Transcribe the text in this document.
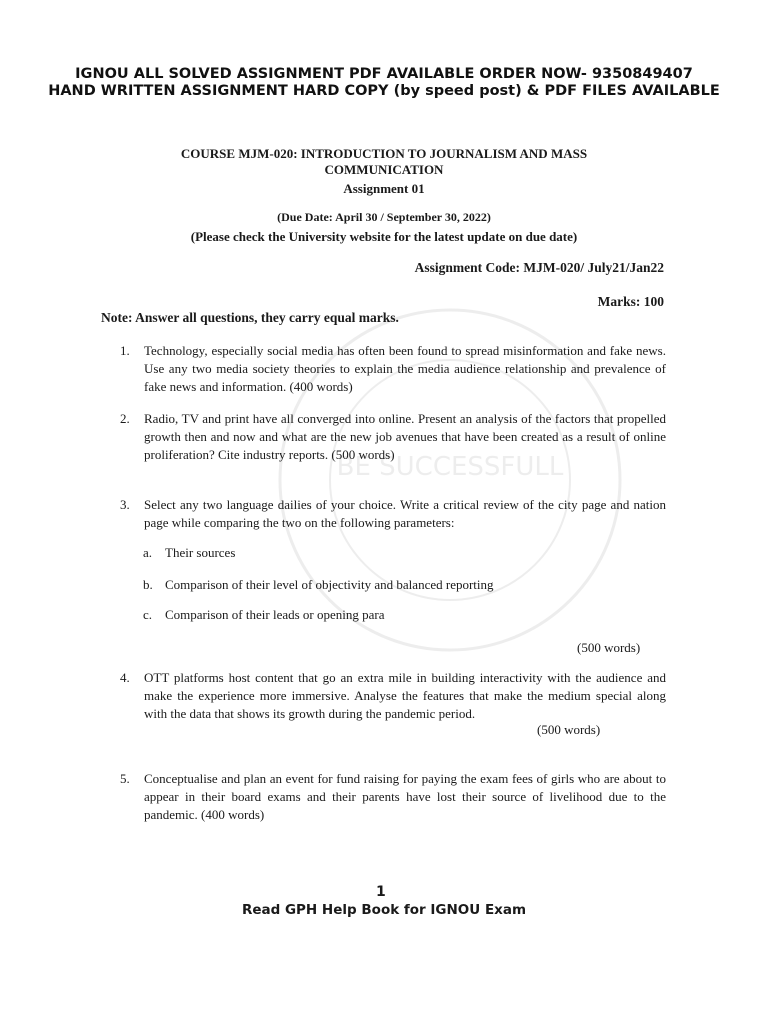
BE SUCCESSFULL
IGNOU ALL SOLVED ASSIGNMENT PDF AVAILABLE ORDER NOW- 9350849407
HAND WRITTEN ASSIGNMENT HARD COPY (by speed post) & PDF FILES AVAILABLE
COURSE MJM-020: INTRODUCTION TO JOURNALISM AND MASS
COMMUNICATION
Assignment 01
(Due Date: April 30 / September 30, 2022)
(Please check the University website for the latest update on due date)
Assignment Code: MJM-020/ July21/Jan22
Marks: 100
Note: Answer all questions, they carry equal marks.
1. Technology, especially social media has often been found to spread misinformation and fake news. Use any two media society theories to explain the media audience relationship and prevalence of fake news and information. (400 words)
2. Radio, TV and print have all converged into online. Present an analysis of the factors that propelled growth then and now and what are the new job avenues that have been created as a result of online proliferation? Cite industry reports. (500 words)
3. Select any two language dailies of your choice. Write a critical review of the city page and nation page while comparing the two on the following parameters:
a. Their sources
b. Comparison of their level of objectivity and balanced reporting
c. Comparison of their leads or opening para
(500 words)
4. OTT platforms host content that go an extra mile in building interactivity with the audience and make the experience more immersive. Analyse the features that make the medium special along with the data that shows its growth during the pandemic period.
(500 words)
5. Conceptualise and plan an event for fund raising for paying the exam fees of girls who are about to appear in their board exams and their parents have lost their source of livelihood due to the pandemic. (400 words)
1
Read GPH Help Book for IGNOU Exam
